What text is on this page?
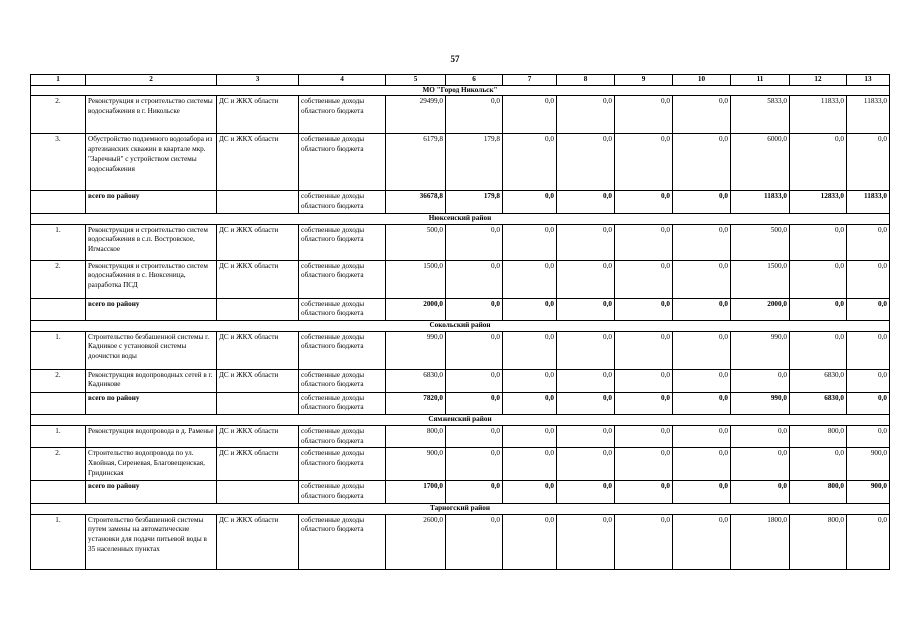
57
1	2	3	4	5	6	7	8	9	10	11	12	13
МО "Город Никольск"												
2.	Реконструкция и строительство системы водоснабжения в г. Никольске	ДС и ЖКХ области	собственные доходы областного бюджета	29499,0	0,0	0,0	0,0	0,0	0,0	5833,0	11833,0	11833,0
3.	Обустройство подземного водозабора из артезианских скважин в квартале мкр. "Заречный" с устройством системы водоснабжения	ДС и ЖКХ области	собственные доходы областного бюджета	6179,8	179,8	0,0	0,0	0,0	0,0	6000,0	0,0	0,0
	всего по району		собственные доходы областного бюджета	36678,8	179,8	0,0	0,0	0,0	0,0	11833,0	12833,0	11833,0
Нюксенский район												
1.	Реконструкция и строительство систем водоснабжения в с.п. Востровское, Игмасское	ДС и ЖКХ области	собственные доходы областного бюджета	500,0	0,0	0,0	0,0	0,0	0,0	500,0	0,0	0,0
2.	Реконструкция и строительство систем водоснабжения в с. Нюксеница, разработка ПСД	ДС и ЖКХ области	собственные доходы областного бюджета	1500,0	0,0	0,0	0,0	0,0	0,0	1500,0	0,0	0,0
	всего по району		собственные доходы областного бюджета	2000,0	0,0	0,0	0,0	0,0	0,0	2000,0	0,0	0,0
Сокольский район												
1.	Строительство безбашенной системы г. Кадникое с установкой системы доочистки воды	ДС и ЖКХ области	собственные доходы областного бюджета	990,0	0,0	0,0	0,0	0,0	0,0	990,0	0,0	0,0
2.	Реконструкция водопроводных сетей в г. Кадникове	ДС и ЖКХ области	собственные доходы областного бюджета	6830,0	0,0	0,0	0,0	0,0	0,0	0,0	6830,0	0,0
	всего по району		собственные доходы областного бюджета	7820,0	0,0	0,0	0,0	0,0	0,0	990,0	6830,0	0,0
Сямженский район												
1.	Реконструкция водопровода в д. Раменье	ДС и ЖКХ области	собственные доходы областного бюджета	800,0	0,0	0,0	0,0	0,0	0,0	0,0	800,0	0,0
2.	Строительство водопровода по ул. Хвойная, Сиреневая, Благовещенская, Гридинская	ДС и ЖКХ области	собственные доходы областного бюджета	900,0	0,0	0,0	0,0	0,0	0,0	0,0	0,0	900,0
	всего по району		собственные доходы областного бюджета	1700,0	0,0	0,0	0,0	0,0	0,0	0,0	800,0	900,0
Тарногский район												
1.	Строительство безбашенной системы путем замены на автоматические установки для подачи питьевой воды в 35 населенных пунктах	ДС и ЖКХ области	собственные доходы областного бюджета	2600,0	0,0	0,0	0,0	0,0	0,0	1800,0	800,0	0,0
